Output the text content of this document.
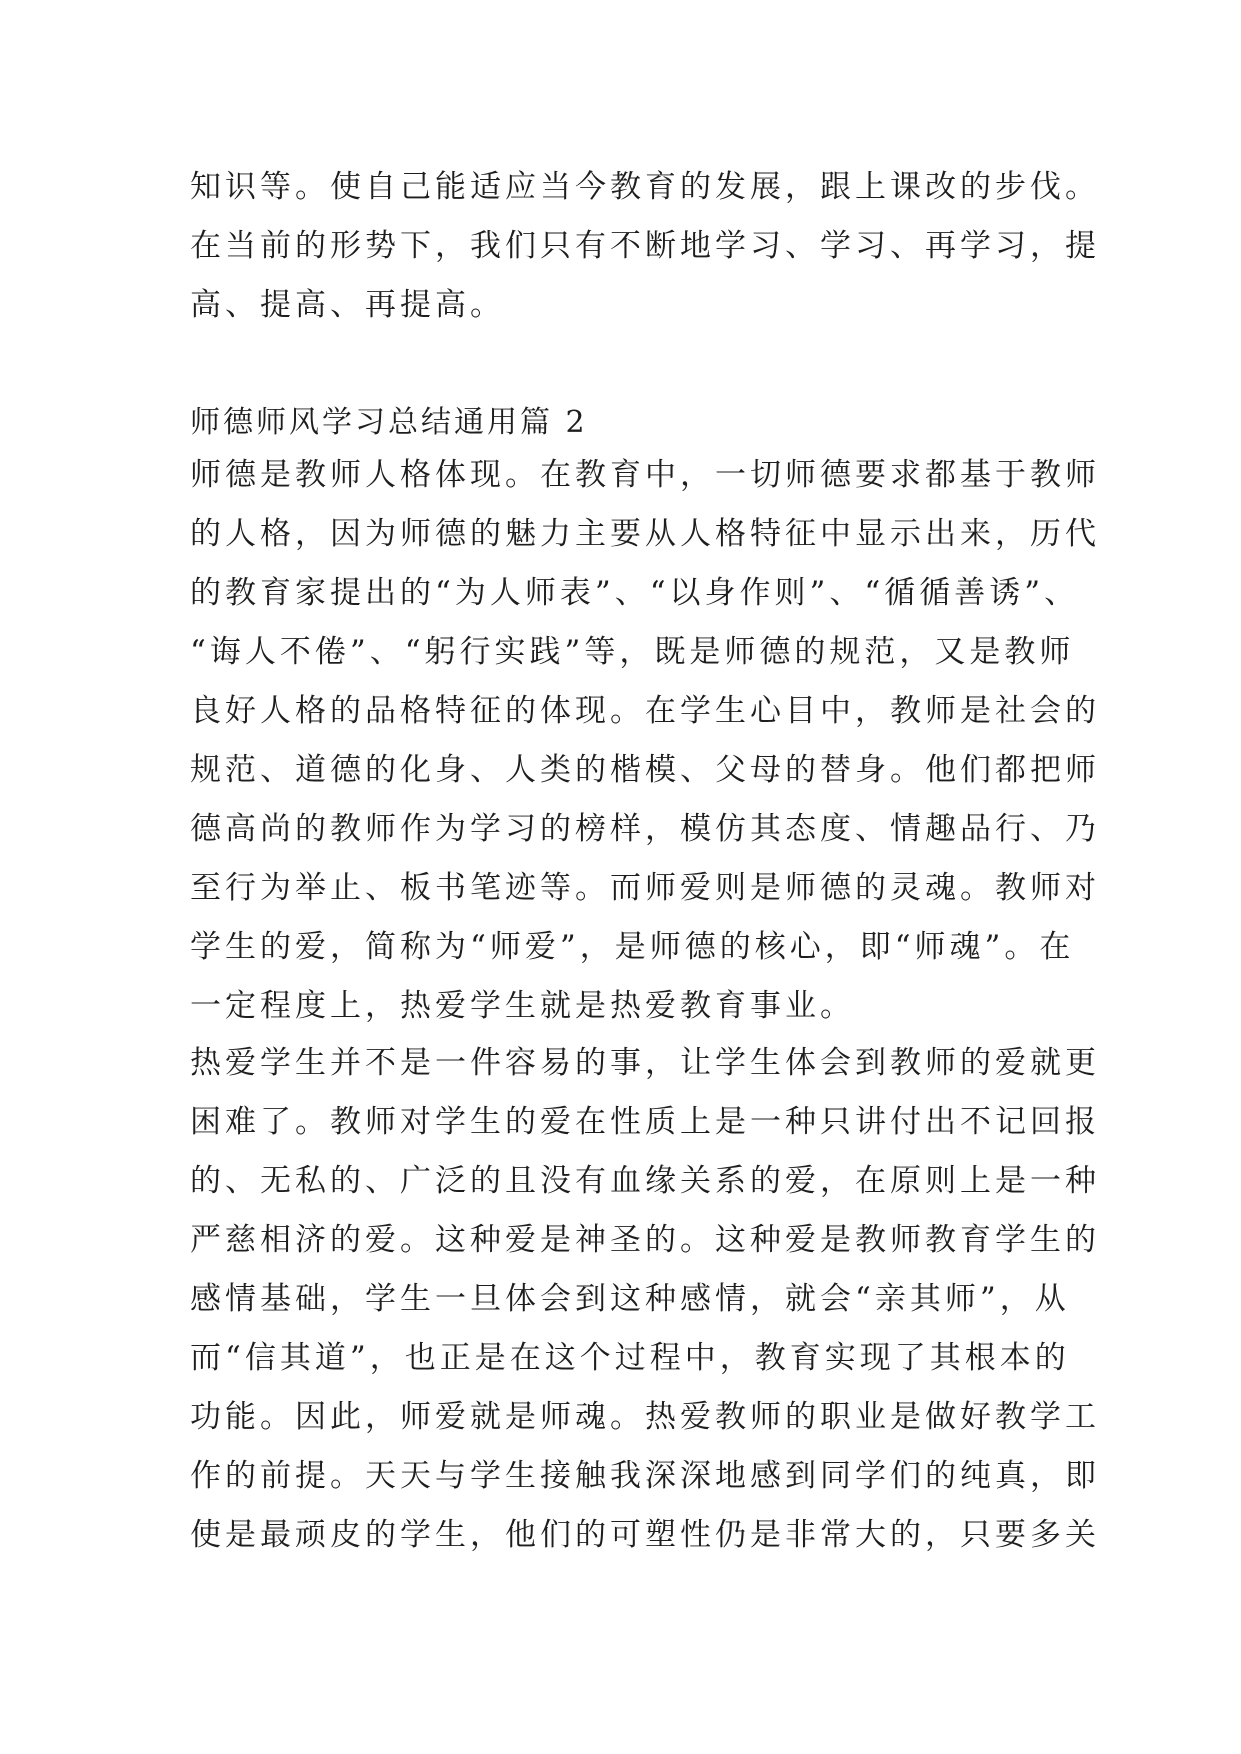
知识等。使自己能适应当今教育的发展，跟上课改的步伐。
在当前的形势下，我们只有不断地学习、学习、再学习，提
高、提高、再提高。
师德师风学习总结通用篇 2
师德是教师人格体现。在教育中，一切师德要求都基于教师
的人格，因为师德的魅力主要从人格特征中显示出来，历代
的教育家提出的“为人师表”、“以身作则”、“循循善诱”、
“诲人不倦”、“躬行实践”等，既是师德的规范，又是教师
良好人格的品格特征的体现。在学生心目中，教师是社会的
规范、道德的化身、人类的楷模、父母的替身。他们都把师
德高尚的教师作为学习的榜样，模仿其态度、情趣品行、乃
至行为举止、板书笔迹等。而师爱则是师德的灵魂。教师对
学生的爱，简称为“师爱”，是师德的核心，即“师魂”。在
一定程度上，热爱学生就是热爱教育事业。
热爱学生并不是一件容易的事，让学生体会到教师的爱就更
困难了。教师对学生的爱在性质上是一种只讲付出不记回报
的、无私的、广泛的且没有血缘关系的爱，在原则上是一种
严慈相济的爱。这种爱是神圣的。这种爱是教师教育学生的
感情基础，学生一旦体会到这种感情，就会“亲其师”，从
而“信其道”，也正是在这个过程中，教育实现了其根本的
功能。因此，师爱就是师魂。热爱教师的职业是做好教学工
作的前提。天天与学生接触我深深地感到同学们的纯真，即
使是最顽皮的学生，他们的可塑性仍是非常大的，只要多关
